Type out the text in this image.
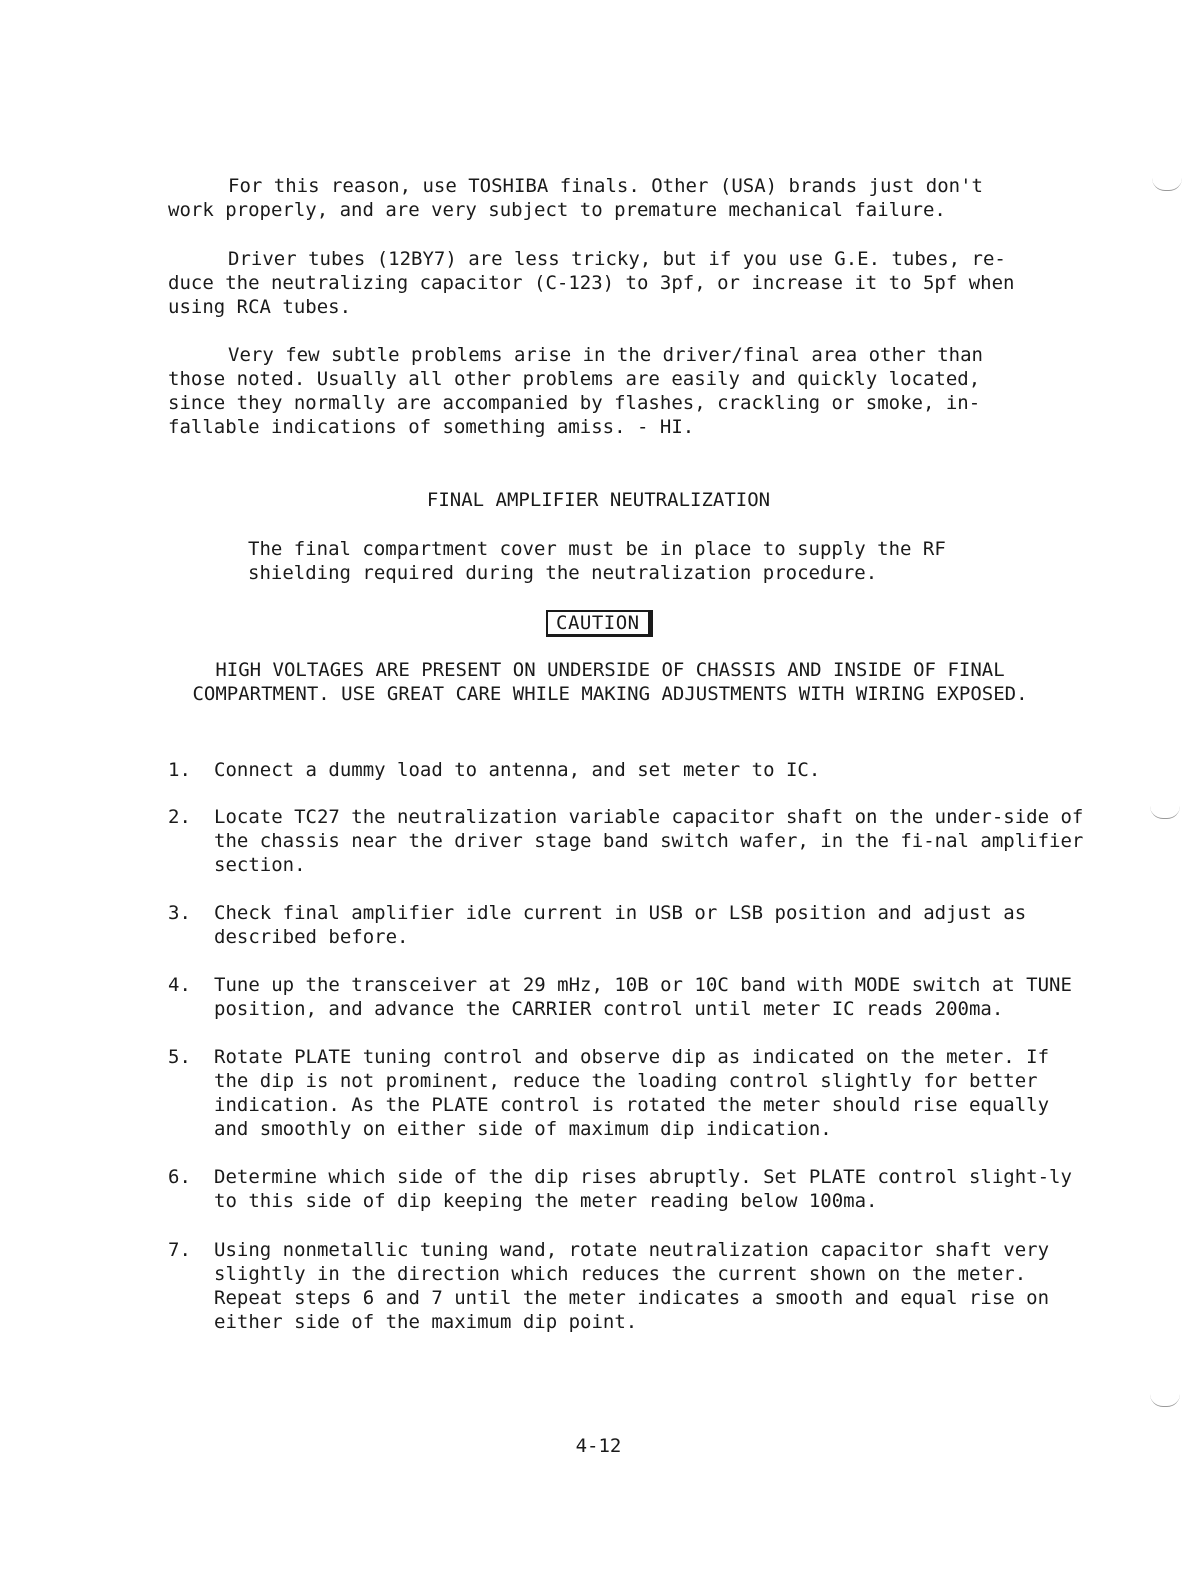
For this reason, use TOSHIBA finals. Other (USA) brands just don't
work properly, and are very subject to premature mechanical failure.

Driver tubes (12BY7) are less tricky, but if you use G.E. tubes, re-
duce the neutralizing capacitor (C-123) to 3pf, or increase it to 5pf when using RCA tubes.

Very few subtle problems arise in the driver/final area other than
those noted. Usually all other problems are easily and quickly located, since they normally are accompanied by flashes, crackling or smoke, in-fallable indications of something amiss. - HI.

FINAL AMPLIFIER NEUTRALIZATION

The final compartment cover must be in place to supply the RF shielding required during the neutralization procedure.

CAUTION

HIGH VOLTAGES ARE PRESENT ON UNDERSIDE OF CHASSIS AND INSIDE OF FINAL COMPARTMENT. USE GREAT CARE WHILE MAKING ADJUSTMENTS WITH WIRING EXPOSED.

1. Connect a dummy load to antenna, and set meter to IC.
2. Locate TC27 the neutralization variable capacitor shaft on the under-side of the chassis near the driver stage band switch wafer, in the fi-nal amplifier section.
3. Check final amplifier idle current in USB or LSB position and adjust as described before.
4. Tune up the transceiver at 29 mHz, 10B or 10C band with MODE switch at TUNE position, and advance the CARRIER control until meter IC reads 200ma.
5. Rotate PLATE tuning control and observe dip as indicated on the meter. If the dip is not prominent, reduce the loading control slightly for better indication. As the PLATE control is rotated the meter should rise equally and smoothly on either side of maximum dip indication.
6. Determine which side of the dip rises abruptly. Set PLATE control slight-ly to this side of dip keeping the meter reading below 100ma.
7. Using nonmetallic tuning wand, rotate neutralization capacitor shaft very slightly in the direction which reduces the current shown on the meter. Repeat steps 6 and 7 until the meter indicates a smooth and equal rise on either side of the maximum dip point.

4-12
